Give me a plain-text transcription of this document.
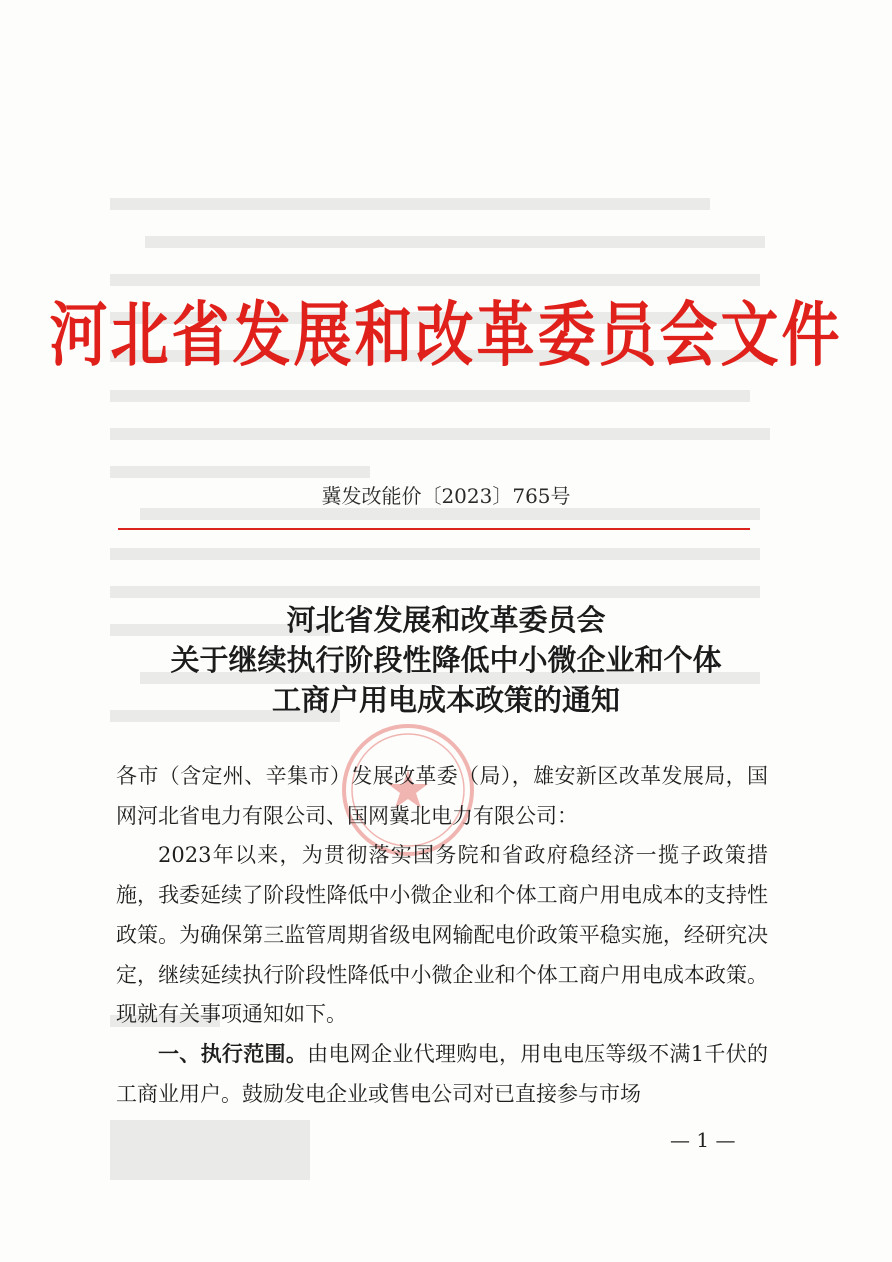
河北省发展和改革委员会文件
冀发改能价〔2023〕765号
河北省发展和改革委员会
关于继续执行阶段性降低中小微企业和个体
工商户用电成本政策的通知

各市（含定州、辛集市）发展改革委（局），雄安新区改革发展局，国网河北省电力有限公司、国网冀北电力有限公司：

2023年以来，为贯彻落实国务院和省政府稳经济一揽子政策措施，我委延续了阶段性降低中小微企业和个体工商户用电成本的支持性政策。为确保第三监管周期省级电网输配电价政策平稳实施，经研究决定，继续延续执行阶段性降低中小微企业和个体工商户用电成本政策。现就有关事项通知如下。

一、执行范围。由电网企业代理购电，用电电压等级不满1千伏的工商业用户。鼓励发电企业或售电公司对已直接参与市场

— 1 —
